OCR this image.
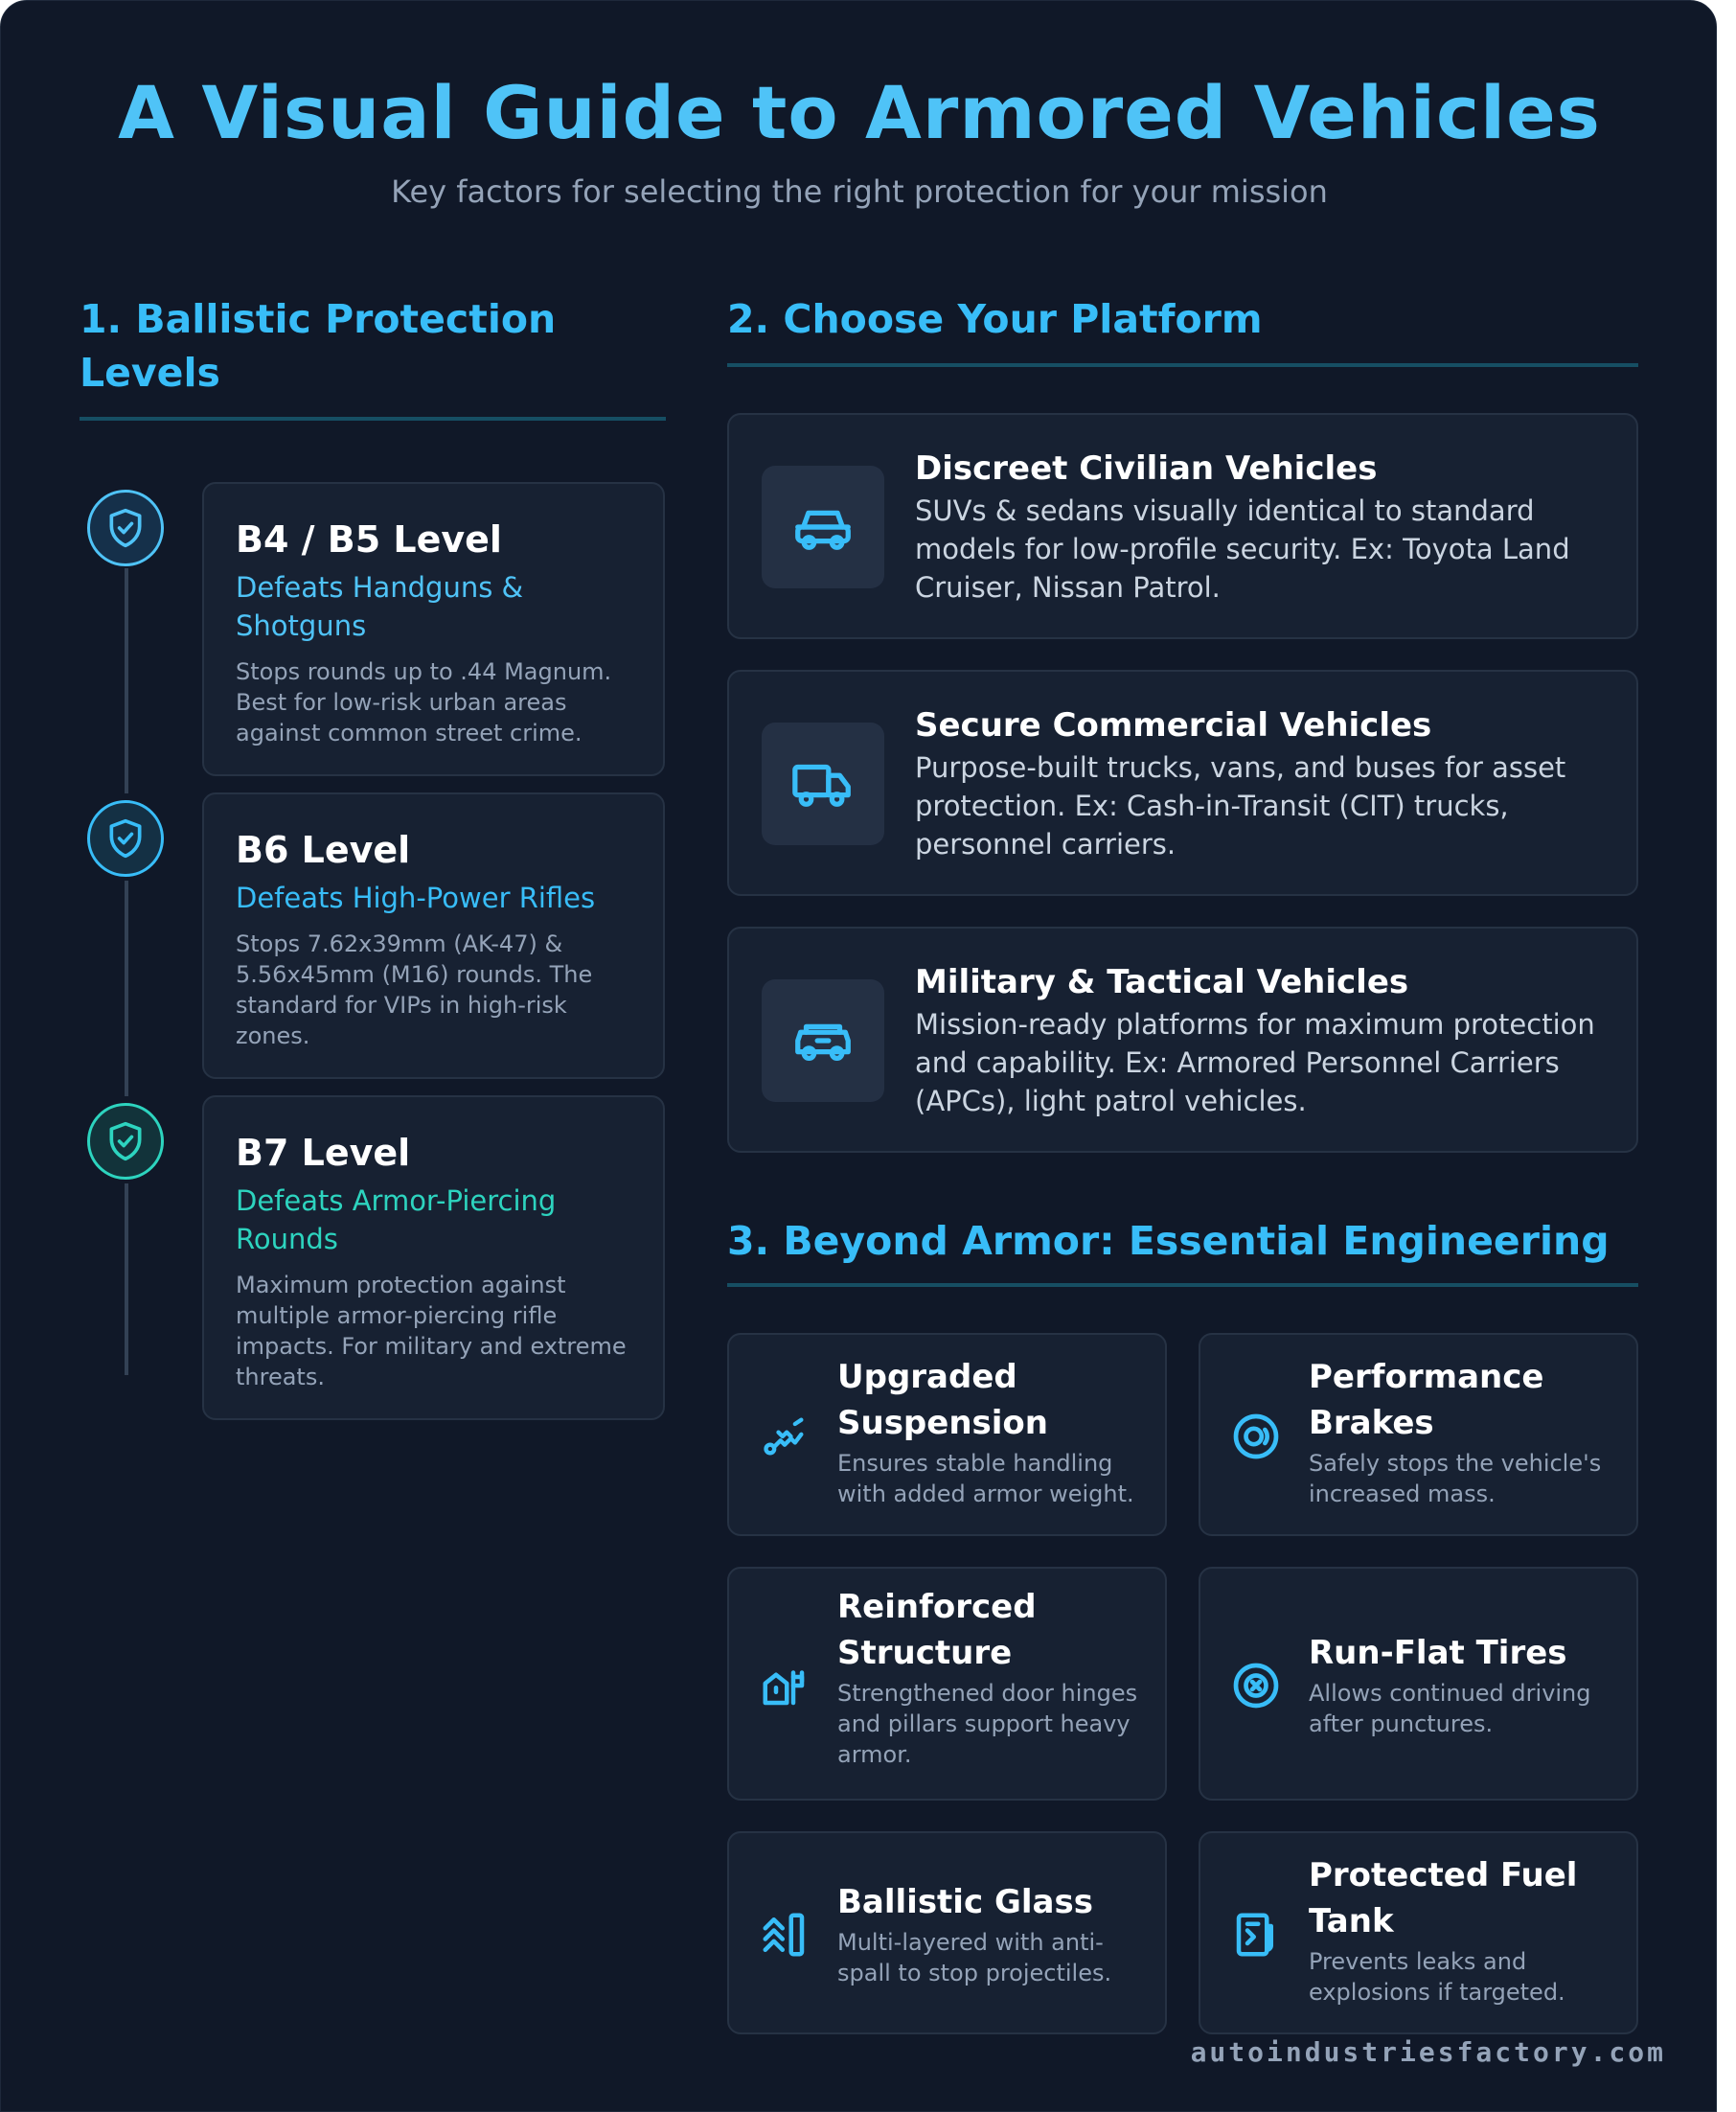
A Visual Guide to Armored Vehicles

Key factors for selecting the right protection for your mission

1. Ballistic Protection Levels
B4 / B5 Level
Defeats Handguns & Shotguns
Stops rounds up to .44 Magnum. Best for low-risk urban areas against common street crime.
B6 Level
Defeats High-Power Rifles
Stops 7.62x39mm (AK-47) & 5.56x45mm (M16) rounds. The standard for VIPs in high-risk zones.
B7 Level
Defeats Armor-Piercing Rounds
Maximum protection against multiple armor-piercing rifle impacts. For military and extreme threats.
2. Choose Your Platform
Discreet Civilian Vehicles
SUVs & sedans visually identical to standard models for low-profile security. Ex: Toyota Land Cruiser, Nissan Patrol.
Secure Commercial Vehicles
Purpose-built trucks, vans, and buses for asset protection. Ex: Cash-in-Transit (CIT) trucks, personnel carriers.
Military & Tactical Vehicles
Mission-ready platforms for maximum protection and capability. Ex: Armored Personnel Carriers (APCs), light patrol vehicles.
3. Beyond Armor: Essential Engineering
Upgraded Suspension
Ensures stable handling with added armor weight.
Performance Brakes
Safely stops the vehicle's increased mass.
Reinforced Structure
Strengthened door hinges and pillars support heavy armor.
Run-Flat Tires
Allows continued driving after punctures.
Ballistic Glass
Multi-layered with anti-spall to stop projectiles.
Protected Fuel Tank
Prevents leaks and explosions if targeted.
autoindustriesfactory.com
